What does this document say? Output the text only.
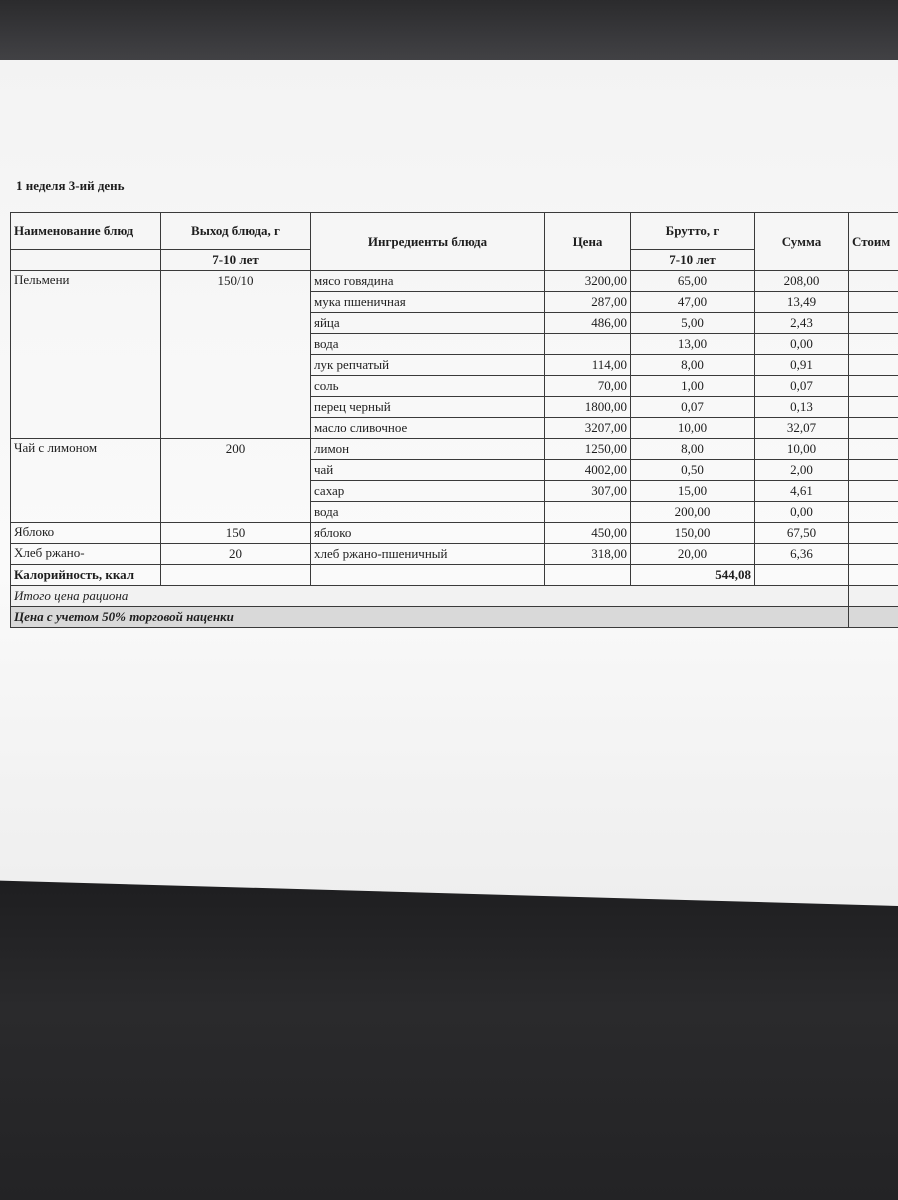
1 неделя 3-ий день
Наименование блюд	Выход блюда, г	Ингредиенты блюда	Цена	Брутто, г	Сумма	Стоим
	7-10 лет			7-10 лет		
Пельмени	150/10	мясо говядина	3200,00	65,00	208,00	
		мука пшеничная	287,00	47,00	13,49	
		яйца	486,00	5,00	2,43	
		вода		13,00	0,00	
		лук репчатый	114,00	8,00	0,91	
		соль	70,00	1,00	0,07	
		перец черный	1800,00	0,07	0,13	
		масло сливочное	3207,00	10,00	32,07	
Чай с лимоном	200	лимон	1250,00	8,00	10,00	
		чай	4002,00	0,50	2,00	
		сахар	307,00	15,00	4,61	
		вода		200,00	0,00	
Яблоко	150	яблоко	450,00	150,00	67,50	
Хлеб ржано-	20	хлеб ржано-пшеничный	318,00	20,00	6,36	
Калорийность, ккал				544,08		
Итого цена рациона						
Цена с учетом 50% торговой наценки						
